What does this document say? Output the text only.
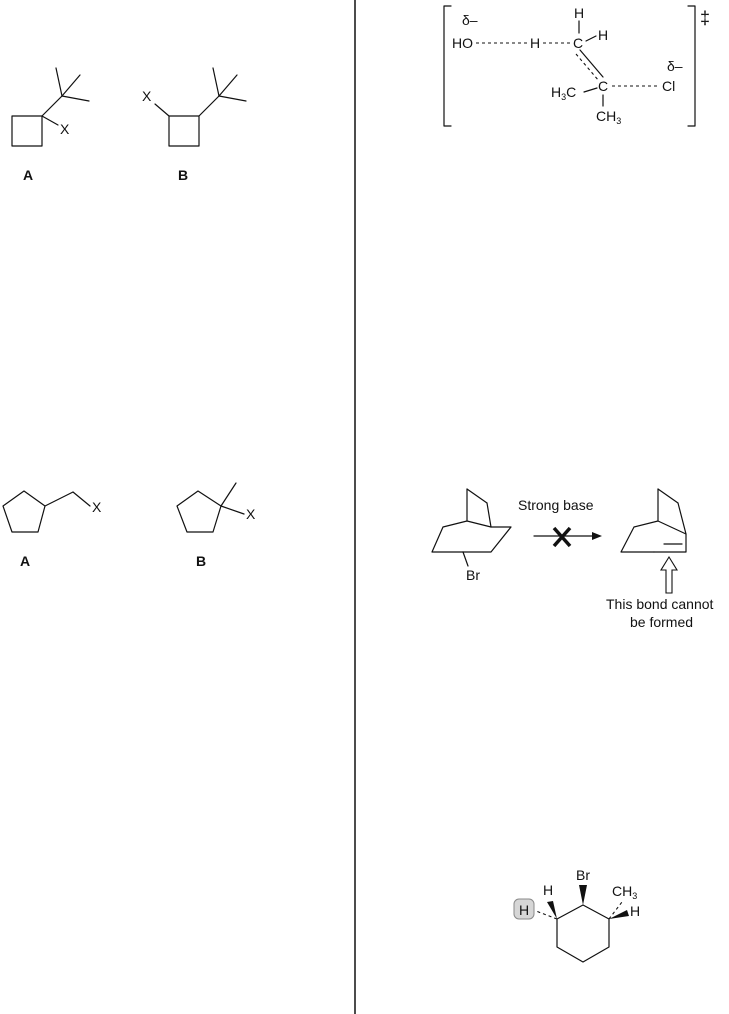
X
A
X
B
‡
δ–
HO	H C
H
H
δ–
$H_3C$ C	Cl
$CH_3$
X
A
X
B
Br
Strong base
This bond cannot
be formed
Br
$CH_3$
H
H
H
